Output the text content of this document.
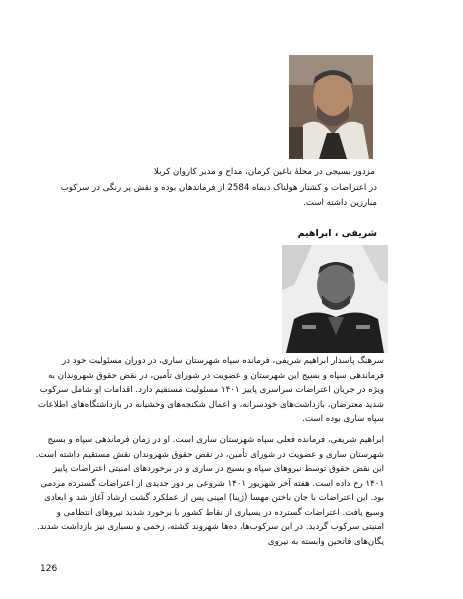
مزدور بسیجی در محلهٔ باغین کرمان، مداح و مدیر کاروان کربلا
در اعتراضات و کشتار هولناک دیماه 2584 از فرماندهان بوده و نقش پر رنگی در سرکوب مبارزین داشته است.
شریفی ، ابراهیم
سرهنگ پاسدار ابراهیم شریفی، فرمانده سپاه شهرستان ساری، در دوران مسئولیت خود در فرماندهی سپاه و بسیج این شهرستان و عضویت در شورای تأمین، در نقض حقوق شهروندان به ویژه در جریان اعتراضات سراسری پاییز ۱۴۰۱ مسئولیت مستقیم دارد. اقدامات او شامل سرکوب شدید معترضان، بازداشت‌های خودسرانه، و اعمال شکنجه‌های وحشیانه در بازداشتگاه‌های اطلاعات سپاه ساری بوده است.
ابراهیم شریفی، فرمانده فعلی سپاه شهرستان ساری است. او در زمان فرماندهی سپاه و بسیج شهرستان ساری و عضویت در شورای تأمین، در نقض حقوق شهروندان نقش مستقیم داشته است. این نقض حقوق توسط نیروهای سپاه و بسیج در ساری و در برخوردهای امنیتی اعتراضات پاییز ۱۴۰۱ رخ داده است. هفته آخر شهریور ۱۴۰۱ شروعی بر دور جدیدی از اعتراضات گسترده مردمی بود. این اعتراضات با جان باختن مهسا (ژینا) امینی پس از عملکرد گشت ارشاد آغاز شد و ابعادی وسیع یافت. اعتراضات گسترده در بسیاری از نقاط کشور با برخورد شدید نیروهای انتظامی و امنیتی سرکوب گردید. در این سرکوب‌ها، ده‌ها شهروند کشته، زخمی و بسیاری نیز بازداشت شدند. یگان‌های فاتحین وابسته به نیروی
126
